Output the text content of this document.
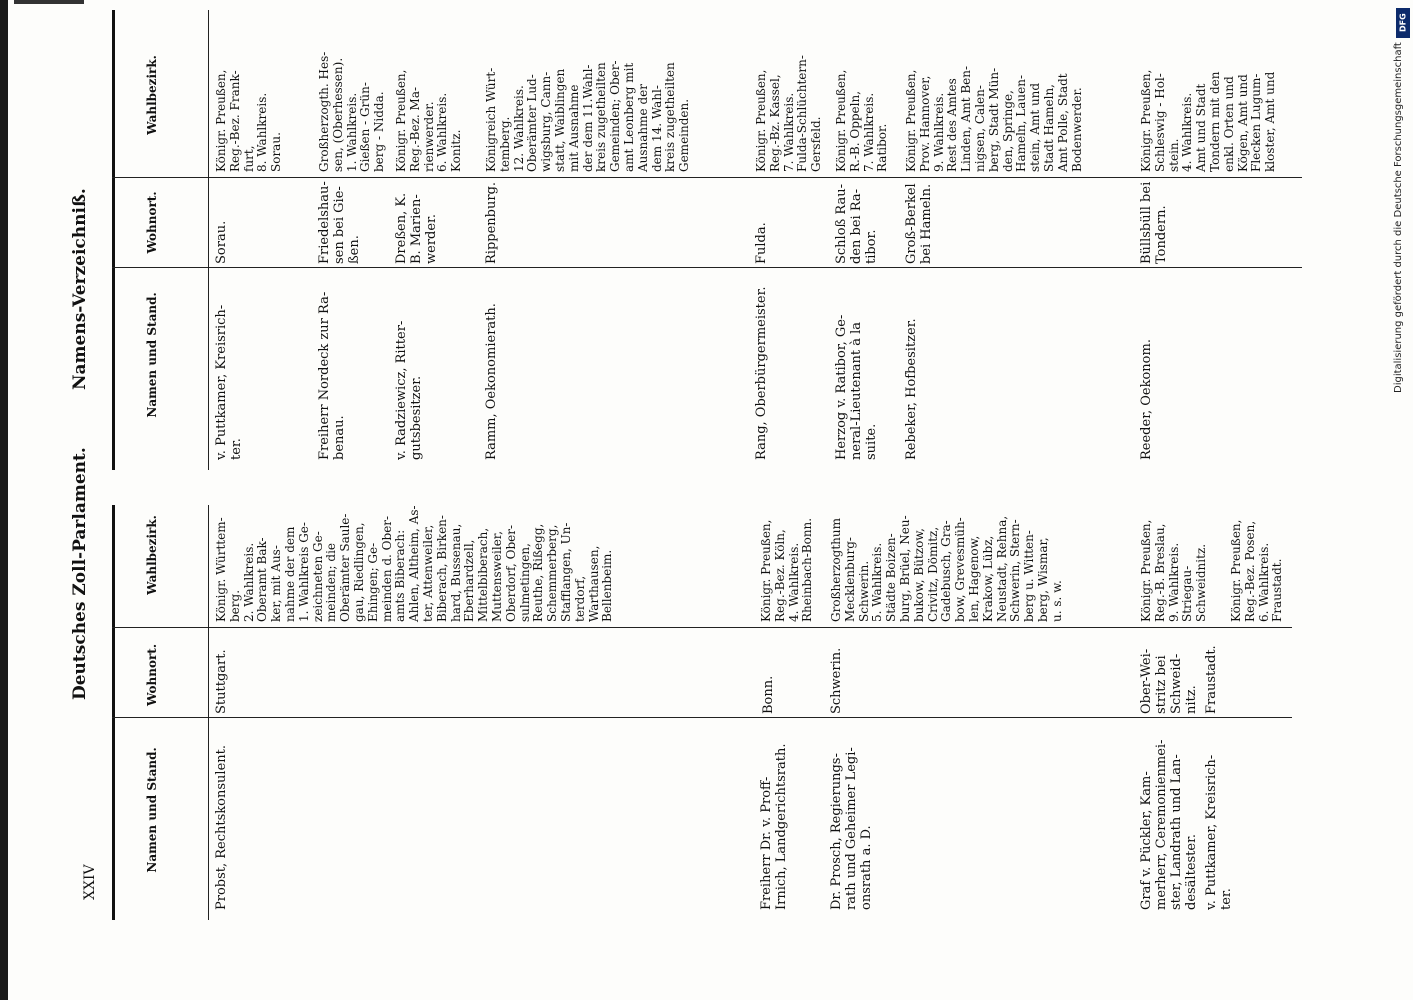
XXIV
Deutsches Zoll-Parlament.
Namens-Verzeichniß.
Namen und Stand.
Wohnort.
Wahlbezirk.
Probst, Rechtskonsulent.
Stuttgart.
Königr. Württem-
berg.
2. Wahlkreis.
Oberamt Bak-
ker, mit Aus-
nahme der dem
1. Wahlkreis Ge-
zeichneten Ge-
meinden; die
Oberämter Saule-
gau, Riedlingen,
Ehingen; Ge-
meinden d. Ober-
amts Biberach:
Ahlen, Altheim, As-
ter, Attenweiler,
Biberach, Birken-
hard, Bussenau,
Eberhardzell,
Mittelbiberach,
Muttensweiler,
Oberdorf, Ober-
sulmetingen,
Reuthe, Rißegg,
Schemmerberg,
Stafflangen, Un-
terdorf, Warthausen,
Bellenbeim.
Freiherr Dr. v. Proff-
Irnich, Landgerichtsrath.
Bonn.
Königr. Preußen,
Reg.-Bez. Köln,
4. Wahlkreis.
Rheinbach-Bonn.
Dr. Prosch, Regierungs-
rath und Geheimer Legi-
onsrath a. D.
Schwerin.
Großherzogthum
Mecklenburg-
Schwerin.
5. Wahlkreis.
Städte Boizen-
burg, Brüel, Neu-
bukow, Bützow,
Crivitz, Dömitz,
Gadebusch, Gra-
bow, Grevesmüh-
len, Hagenow,
Krakow, Lübz,
Neustadt, Rehna,
Schwerin, Stern-
berg u. Witten-
berg, Wismar,
u. s. w.
Graf v. Pückler, Kam-
merherr, Ceremonienmei-
ster, Landrath und Lan-
desältester.
Ober-Wei-
stritz bei
Schweid-
nitz.
Königr. Preußen,
Reg.-B. Breslau,
9. Wahlkreis.
Striegau-
Schweidnitz.
v. Puttkamer, Kreisrich-
ter.
Fraustadt.
Königr. Preußen,
Reg.-Bez. Posen,
6. Wahlkreis.
Fraustadt.
Namen und Stand.
Wohnort.
Wahlbezirk.
v. Puttkamer, Kreisrich-
ter.
Sorau.
Königr. Preußen,
Reg.-Bez. Frank-
furt,
8. Wahlkreis.
Sorau.
Freiherr Nordeck zur Ra-
benau.
Friedelshau-
sen bei Gie-
ßen.
Großherzogth. Hes-
sen, (Oberhessen).
1. Wahlkreis.
Gießen - Grün-
berg - Nidda.
v. Radziewicz, Ritter-
gutsbesitzer.
Dreßen, K.
B. Marien-
werder.
Königr. Preußen,
Reg.-Bez. Ma-
rienwerder.
6. Wahlkreis.
Konitz.
Ramm, Oekonomierath.
Rippenburg.
Königreich Würt-
temberg.
12. Wahlkreis.
Oberämter Lud-
wigsburg, Cann-
statt, Waiblingen
mit Ausnahme
der dem 11.Wahl-
kreis zugetheilten
Gemeinden; Ober-
amt Leonberg mit
Ausnahme der
dem 14. Wahl-
kreis zugetheilten
Gemeinden.
Rang, Oberbürgermeister.
Fulda.
Königr. Preußen,
Reg.-Bz. Kassel,
7. Wahlkreis.
Fulda-Schlüchtern-
Gersfeld.
Herzog v. Ratibor, Ge-
neral-Lieutenant à la
suite.
Schloß Rau-
den bei Ra-
tibor.
Königr. Preußen,
R.-B. Oppeln,
7. Wahlkreis.
Ratibor.
Rebeker, Hofbesitzer.
Groß-Berkel
bei Hameln.
Königr. Preußen,
Prov. Hannover,
9. Wahlkreis.
Rest des Amtes
Linden, Amt Ben-
nigsen, Calen-
berg, Stadt Mün-
den, Springe,
Hameln, Lauen-
stein, Amt und
Stadt Hameln,
Amt Polle, Stadt
Bodenwerder.
Reeder, Oekonom.
Büllsbüll bei
Tondern.
Königr. Preußen,
Schleswig - Hol-
stein.
4. Wahlkreis.
Amt und Stadt
Tondern mit den
enkl. Orten und
Kögen, Amt und
Flecken Lugum-
kloster, Amt und
DFG
Digitalisierung gefördert durch die Deutsche Forschungsgemeinschaft
